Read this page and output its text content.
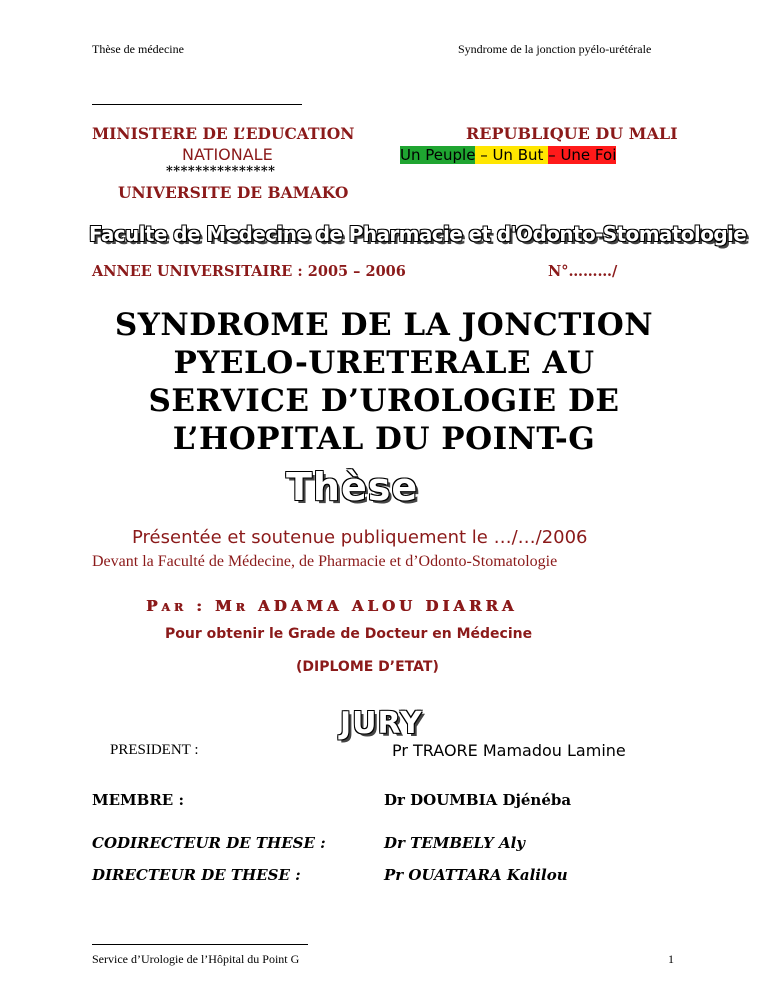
Thèse de médecine	Syndrome de la jonction pyélo-urétérale
MINISTERE DE L’EDUCATION
NATIONALE
***************
UNIVERSITE DE BAMAKO
REPUBLIQUE DU MALI
Un Peuple – Un But – Une Foi
Faculte de Medecine de Pharmacie et d'Odonto-Stomatologie
ANNEE UNIVERSITAIRE : 2005 – 2006	N°………/
SYNDROME DE LA JONCTION
PYELO-URETERALE AU
SERVICE D’UROLOGIE DE
L’HOPITAL DU POINT-G
Thèse
Présentée et soutenue publiquement le …/…/2006
Devant la Faculté de Médecine, de Pharmacie et d’Odonto-Stomatologie
Par : Mr ADAMA ALOU DIARRA
Pour obtenir le Grade de Docteur en Médecine
(DIPLOME D’ETAT)
JURY
PRESIDENT :	Pr TRAORE Mamadou Lamine
MEMBRE :	Dr DOUMBIA Djénéba
CODIRECTEUR DE THESE :	Dr TEMBELY Aly
DIRECTEUR DE THESE :	Pr OUATTARA Kalilou
Service d’Urologie de l’Hôpital du Point G	1
